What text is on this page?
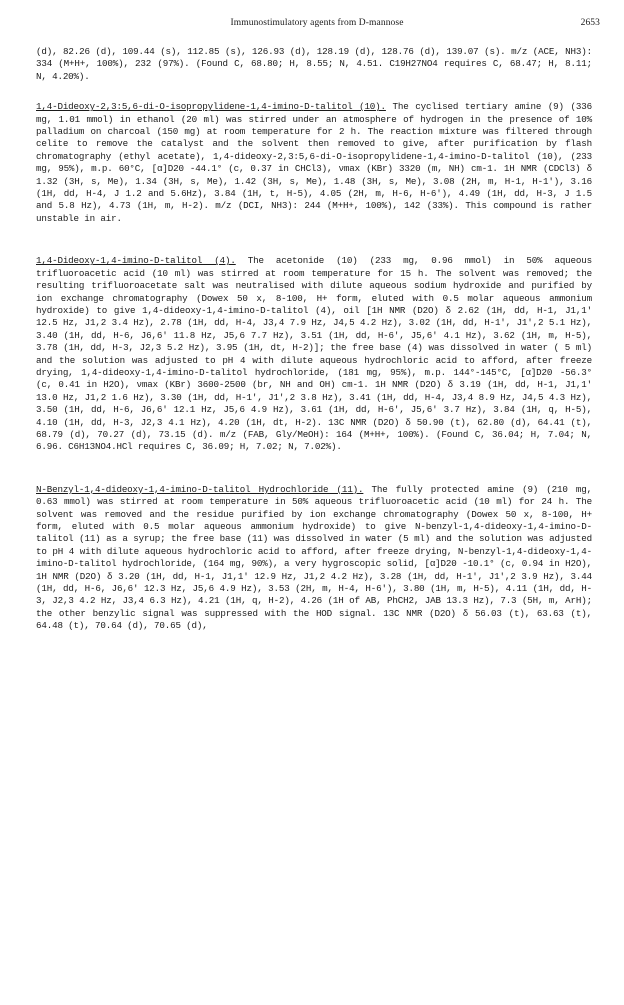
Immunostimulatory agents from D-mannose	2653

(d), 82.26 (d), 109.44 (s), 112.85 (s), 126.93 (d), 128.19 (d), 128.76 (d), 139.07 (s). m/z (ACE, NH3): 334 (M+H+, 100%), 232 (97%). (Found C, 68.80; H, 8.55; N, 4.51. C19H27NO4 requires C, 68.47; H, 8.11; N, 4.20%).

1,4-Dideoxy-2,3:5,6-di-O-isopropylidene-1,4-imino-D-talitol (10). The cyclised tertiary amine (9) (336 mg, 1.01 mmol) in ethanol (20 ml) was stirred under an atmosphere of hydrogen in the presence of 10% palladium on charcoal (150 mg) at room temperature for 2 h. The reaction mixture was filtered through celite to remove the catalyst and the solvent then removed to give, after purification by flash chromatography (ethyl acetate), 1,4-dideoxy-2,3:5,6-di-O-isopropylidene-1,4-imino-D-talitol (10), (233 mg, 95%), m.p. 60°C, [α]D20 -44.1° (c, 0.37 in CHCl3), νmax (KBr) 3320 (m, NH) cm-1. 1H NMR (CDCl3) δ 1.32 (3H, s, Me), 1.34 (3H, s, Me), 1.42 (3H, s, Me), 1.48 (3H, s, Me), 3.08 (2H, m, H-1, H-1'), 3.16 (1H, dd, H-4, J 1.2 and 5.6Hz), 3.84 (1H, t, H-5), 4.05 (2H, m, H-6, H-6'), 4.49 (1H, dd, H-3, J 1.5 and 5.8 Hz), 4.73 (1H, m, H-2). m/z (DCI, NH3): 244 (M+H+, 100%), 142 (33%). This compound is rather unstable in air.

1,4-Dideoxy-1,4-imino-D-talitol (4). The acetonide (10) (233 mg, 0.96 mmol) in 50% aqueous trifluoroacetic acid (10 ml) was stirred at room temperature for 15 h. The solvent was removed; the resulting trifluoroacetate salt was neutralised with dilute aqueous sodium hydroxide and purified by ion exchange chromatography (Dowex 50 x, 8-100, H+ form, eluted with 0.5 molar aqueous ammonium hydroxide) to give 1,4-dideoxy-1,4-imino-D-talitol (4), oil [1H NMR (D2O) δ 2.62 (1H, dd, H-1, J1,1' 12.5 Hz, J1,2 3.4 Hz), 2.78 (1H, dd, H-4, J3,4 7.9 Hz, J4,5 4.2 Hz), 3.02 (1H, dd, H-1', J1',2 5.1 Hz), 3.40 (1H, dd, H-6, J6,6' 11.8 Hz, J5,6 7.7 Hz), 3.51 (1H, dd, H-6', J5,6' 4.1 Hz), 3.62 (1H, m, H-5), 3.78 (1H, dd, H-3, J2,3 5.2 Hz), 3.95 (1H, dt, H-2)]; the free base (4) was dissolved in water ( 5 ml) and the solution was adjusted to pH 4 with dilute aqueous hydrochloric acid to afford, after freeze drying, 1,4-dideoxy-1,4-imino-D-talitol hydrochloride, (181 mg, 95%), m.p. 144°-145°C, [α]D20 -56.3° (c, 0.41 in H2O), νmax (KBr) 3600-2500 (br, NH and OH) cm-1. 1H NMR (D2O) δ 3.19 (1H, dd, H-1, J1,1' 13.0 Hz, J1,2 1.6 Hz), 3.30 (1H, dd, H-1', J1',2 3.8 Hz), 3.41 (1H, dd, H-4, J3,4 8.9 Hz, J4,5 4.3 Hz), 3.50 (1H, dd, H-6, J6,6' 12.1 Hz, J5,6 4.9 Hz), 3.61 (1H, dd, H-6', J5,6' 3.7 Hz), 3.84 (1H, q, H-5), 4.10 (1H, dd, H-3, J2,3 4.1 Hz), 4.20 (1H, dt, H-2). 13C NMR (D2O) δ 50.90 (t), 62.80 (d), 64.41 (t), 68.79 (d), 70.27 (d), 73.15 (d). m/z (FAB, Gly/MeOH): 164 (M+H+, 100%). (Found C, 36.04; H, 7.04; N, 6.96. C6H13NO4.HCl requires C, 36.09; H, 7.02; N, 7.02%).

N-Benzyl-1,4-dideoxy-1,4-imino-D-talitol Hydrochloride (11). The fully protected amine (9) (210 mg, 0.63 mmol) was stirred at room temperature in 50% aqueous trifluoroacetic acid (10 ml) for 24 h. The solvent was removed and the residue purified by ion exchange chromatography (Dowex 50 x, 8-100, H+ form, eluted with 0.5 molar aqueous ammonium hydroxide) to give N-benzyl-1,4-dideoxy-1,4-imino-D-talitol (11) as a syrup; the free base (11) was dissolved in water (5 ml) and the solution was adjusted to pH 4 with dilute aqueous hydrochloric acid to afford, after freeze drying, N-benzyl-1,4-dideoxy-1,4-imino-D-talitol hydrochloride, (164 mg, 90%), a very hygroscopic solid, [α]D20 -10.1° (c, 0.94 in H2O), 1H NMR (D2O) δ 3.20 (1H, dd, H-1, J1,1' 12.9 Hz, J1,2 4.2 Hz), 3.28 (1H, dd, H-1', J1',2 3.9 Hz), 3.44 (1H, dd, H-6, J6,6' 12.3 Hz, J5,6 4.9 Hz), 3.53 (2H, m, H-4, H-6'), 3.80 (1H, m, H-5), 4.11 (1H, dd, H-3, J2,3 4.2 Hz, J3,4 6.3 Hz), 4.21 (1H, q, H-2), 4.26 (1H of AB, PhCH2, JAB 13.3 Hz), 7.3 (5H, m, ArH); the other benzylic signal was suppressed with the HOD signal. 13C NMR (D2O) δ 56.03 (t), 63.63 (t), 64.48 (t), 70.64 (d), 70.65 (d),
